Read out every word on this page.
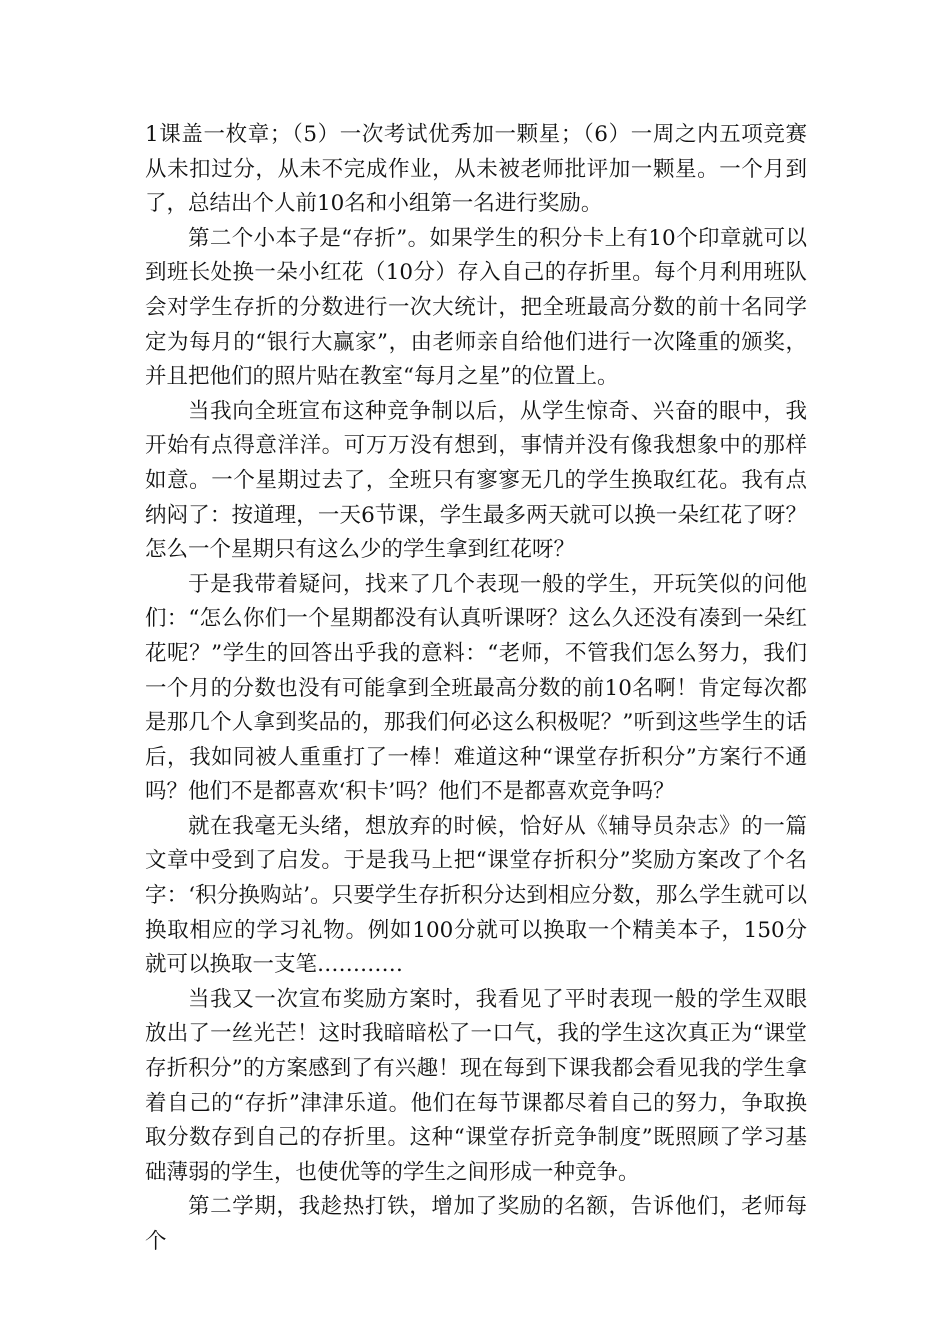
1课盖一枚章；（5）一次考试优秀加一颗星；（6）一周之内五项竞赛从未扣过分，从未不完成作业，从未被老师批评加一颗星。一个月到了，总结出个人前10名和小组第一名进行奖励。

第二个小本子是“存折”。如果学生的积分卡上有10个印章就可以到班长处换一朵小红花（10分）存入自己的存折里。每个月利用班队会对学生存折的分数进行一次大统计，把全班最高分数的前十名同学定为每月的“银行大赢家”，由老师亲自给他们进行一次隆重的颁奖，并且把他们的照片贴在教室“每月之星”的位置上。

当我向全班宣布这种竞争制以后，从学生惊奇、兴奋的眼中，我开始有点得意洋洋。可万万没有想到，事情并没有像我想象中的那样如意。一个星期过去了，全班只有寥寥无几的学生换取红花。我有点纳闷了：按道理，一天6节课，学生最多两天就可以换一朵红花了呀？怎么一个星期只有这么少的学生拿到红花呀？

于是我带着疑问，找来了几个表现一般的学生，开玩笑似的问他们：“怎么你们一个星期都没有认真听课呀？这么久还没有凑到一朵红花呢？”学生的回答出乎我的意料：“老师，不管我们怎么努力，我们一个月的分数也没有可能拿到全班最高分数的前10名啊！肯定每次都是那几个人拿到奖品的，那我们何必这么积极呢？”听到这些学生的话后，我如同被人重重打了一棒！难道这种“课堂存折积分”方案行不通吗？他们不是都喜欢‘积卡’吗？他们不是都喜欢竞争吗？

就在我毫无头绪，想放弃的时候，恰好从《辅导员杂志》的一篇文章中受到了启发。于是我马上把“课堂存折积分”奖励方案改了个名字：‘积分换购站’。只要学生存折积分达到相应分数，那么学生就可以换取相应的学习礼物。例如100分就可以换取一个精美本子，150分就可以换取一支笔…………

当我又一次宣布奖励方案时，我看见了平时表现一般的学生双眼放出了一丝光芒！这时我暗暗松了一口气，我的学生这次真正为“课堂存折积分”的方案感到了有兴趣！现在每到下课我都会看见我的学生拿着自己的“存折”津津乐道。他们在每节课都尽着自己的努力，争取换取分数存到自己的存折里。这种“课堂存折竞争制度”既照顾了学习基础薄弱的学生，也使优等的学生之间形成一种竞争。

第二学期，我趁热打铁，增加了奖励的名额，告诉他们，老师每个
